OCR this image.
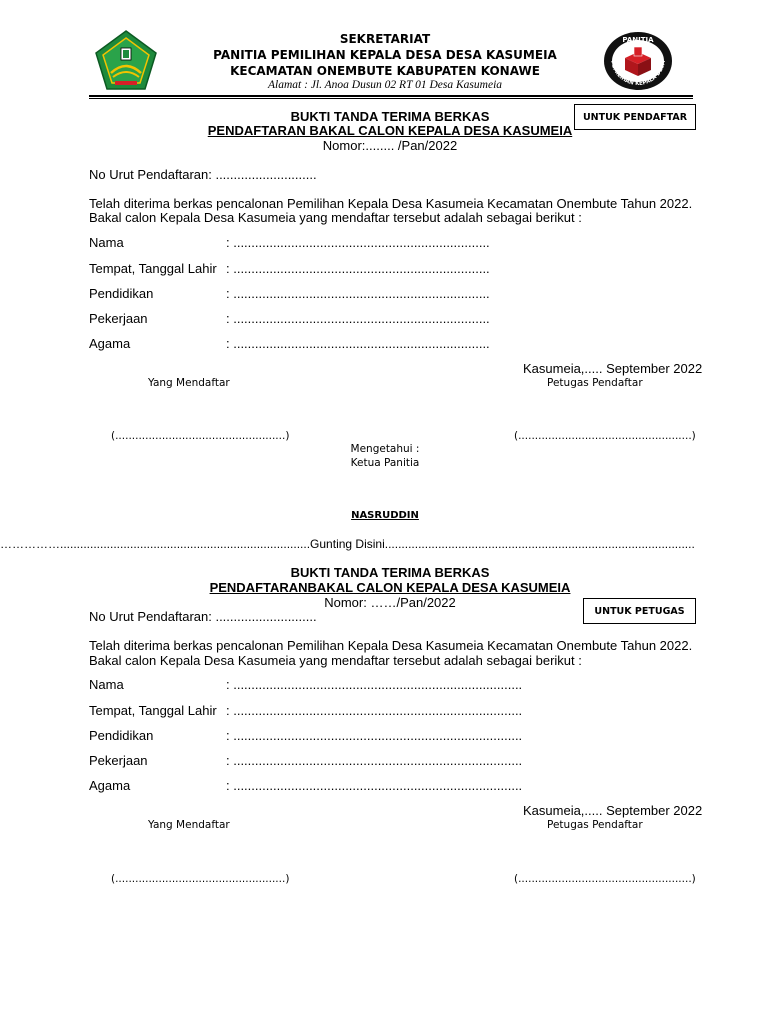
PANITIA
PEMILIHAN KEPALA DESA
SEKRETARIAT
PANITIA PEMILIHAN KEPALA DESA DESA KASUMEIA
KECAMATAN ONEMBUTE KABUPATEN KONAWE
Alamat : Jl. Anoa Dusun 02 RT 01 Desa Kasumeia
UNTUK PENDAFTAR
BUKTI TANDA TERIMA BERKAS
PENDAFTARAN BAKAL CALON KEPALA DESA KASUMEIA
Nomor:........ /Pan/2022
No Urut Pendaftaran: ............................
Telah diterima berkas pencalonan Pemilihan Kepala Desa Kasumeia Kecamatan Onembute Tahun 2022.
Bakal calon Kepala Desa Kasumeia yang mendaftar tersebut adalah sebagai berikut :
Nama	: .......................................................................
Tempat, Tanggal Lahir : .......................................................................
Pendidikan	: .......................................................................
Pekerjaan	: .......................................................................
Agama	: .......................................................................
Kasumeia,..... September 2022
Yang Mendaftar	Petugas Pendaftar
(...................................................)	(....................................................)
Mengetahui :
Ketua Panitia
NASRUDDIN
……………...........................................................................Gunting Disini.............................................................................................
BUKTI TANDA TERIMA BERKAS
PENDAFTARANBAKAL CALON KEPALA DESA KASUMEIA
Nomor: ……/Pan/2022
UNTUK PETUGAS
No Urut Pendaftaran: ............................
Telah diterima berkas pencalonan Pemilihan Kepala Desa Kasumeia Kecamatan Onembute Tahun 2022.
Bakal calon Kepala Desa Kasumeia yang mendaftar tersebut adalah sebagai berikut :
Nama	: ................................................................................
Tempat, Tanggal Lahir : ................................................................................
Pendidikan	: ................................................................................
Pekerjaan	: ................................................................................
Agama	: ................................................................................
Kasumeia,..... September 2022
Yang Mendaftar	Petugas Pendaftar
(...................................................)	(....................................................)
